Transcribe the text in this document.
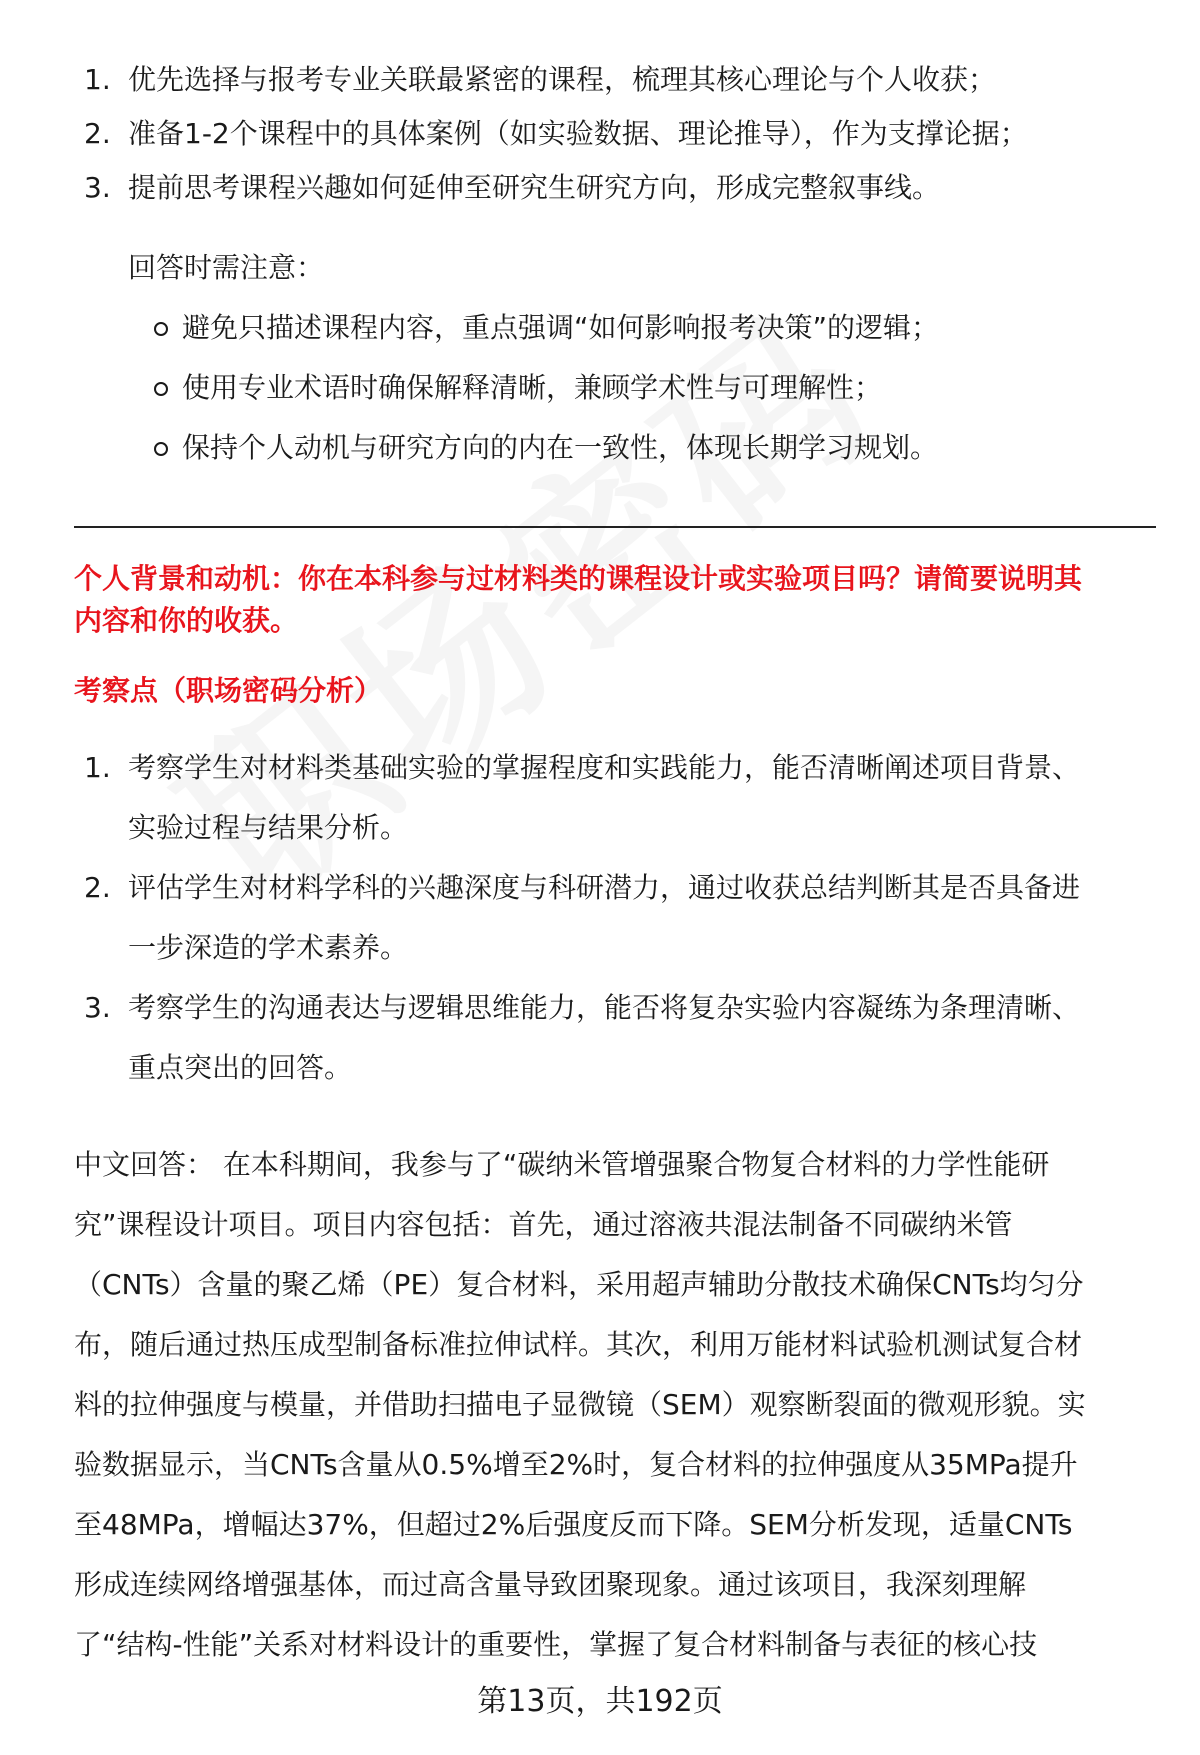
1. 优先选择与报考专业关联最紧密的课程，梳理其核心理论与个人收获；
2. 准备1-2个课程中的具体案例（如实验数据、理论推导），作为支撑论据；
3. 提前思考课程兴趣如何延伸至研究生研究方向，形成完整叙事线。
回答时需注意：
避免只描述课程内容，重点强调“如何影响报考决策”的逻辑；
使用专业术语时确保解释清晰，兼顾学术性与可理解性；
保持个人动机与研究方向的内在一致性，体现长期学习规划。
个人背景和动机：你在本科参与过材料类的课程设计或实验项目吗？请简要说明其
内容和你的收获。
考察点（职场密码分析）
1. 考察学生对材料类基础实验的掌握程度和实践能力，能否清晰阐述项目背景、
实验过程与结果分析。
2. 评估学生对材料学科的兴趣深度与科研潜力，通过收获总结判断其是否具备进
一步深造的学术素养。
3. 考察学生的沟通表达与逻辑思维能力，能否将复杂实验内容凝练为条理清晰、
重点突出的回答。
中文回答： 在本科期间，我参与了“碳纳米管增强聚合物复合材料的力学性能研
究”课程设计项目。项目内容包括：首先，通过溶液共混法制备不同碳纳米管
（CNTs）含量的聚乙烯（PE）复合材料，采用超声辅助分散技术确保CNTs均匀分
布，随后通过热压成型制备标准拉伸试样。其次，利用万能材料试验机测试复合材
料的拉伸强度与模量，并借助扫描电子显微镜（SEM）观察断裂面的微观形貌。实
验数据显示，当CNTs含量从0.5%增至2%时，复合材料的拉伸强度从35MPa提升
至48MPa，增幅达37%，但超过2%后强度反而下降。SEM分析发现，适量CNTs
形成连续网络增强基体，而过高含量导致团聚现象。通过该项目，我深刻理解
了“结构-性能”关系对材料设计的重要性，掌握了复合材料制备与表征的核心技
第13页，共192页
